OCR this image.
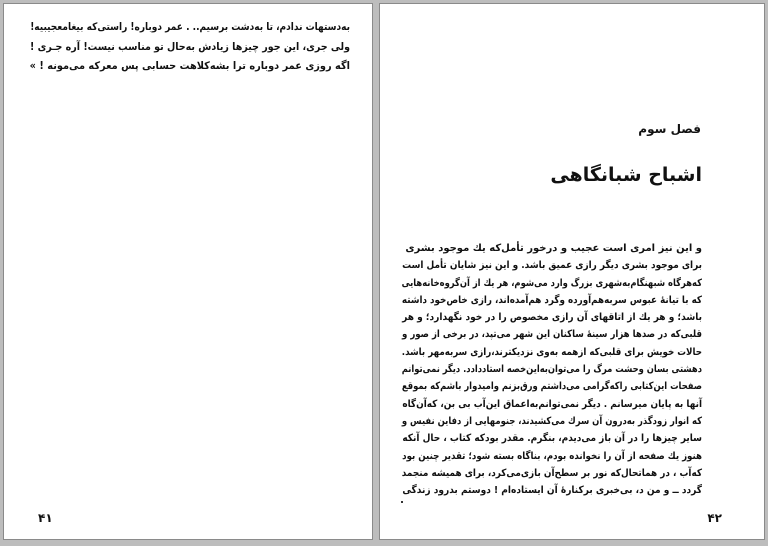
بەدستهات ندادم، تا بەدشت برسیم.. . عمر دوبارە! راستی‌که بیغامعجیبیە!
ولی جری، این جور چیزها زیادش بەحال تو مناسب نیست! آرە جـری !
اگە روزی عمر دوبارە ترا بشەکلاهت حسابی پس معرکە می‌مونە ! »
۴۱
فصل سوم
اشباح شبانگاهی
و این نیز امری است عجیب و درخور تأمل‌که یك موجود بشری
برای موجود بشری دیگر رازی عمیق باشد. و این نیز شایان تأمل است
کەهرگاه شبهنگام‌بەشهری بزرگ وارد می‌شوم، هر یك از آن‌گروەخانەهایی
که با تیانهٔ عبوس سربەهم‌آوردە وگرد هم‌آمدەاند، رازی خاص‌خود داشته
باشد؛ و هر یك از اتاقهای آن رازی مخصوص را در خود نگهدارد؛ و هر
قلبی‌که در صدها هزار سینهٔ ساکنان این شهر می‌تپد، در برخی از صور و
حالات خویش برای قلبی‌که ازهمه بەوی نزدیکترند،رازی سربەمهر باشد.
دهشتی بسان وحشت مرگ را می‌توان‌بەاین‌خصه استاددادد. دیگر نمی‌توانم
صفحات این‌کتابی را‌که‌گرامی می‌داشتم ورق‌بزنم وامیدوار باشم‌که بموقع
آنها به پایان میرسانم . دیگر نمی‌توانم‌به‌اعماق این‌آب بی بن، که‌آن‌گاه
که انوار زودگذر بەدرون آن سرك می‌کشیدند، جنومهایی از دفاین نفیس و
سایر چیزها را در آن باز می‌دیدم، بنگرم. مقدر بودکه کتاب ، حال آنکه
هنوز یك صفحه از آن را نخواندە بودم، بناگاه بسته شود؛ تقدیر چنین بود
که‌آب ، در هماتحال‌که نور بر سطح‌آن بازی‌می‌کرد، برای همیشه منجمد
گردد ــ و من د، بی‌خبری برکنارهٔ آن ایستادەام ! دوستم بدرود زندگی
۴۲
